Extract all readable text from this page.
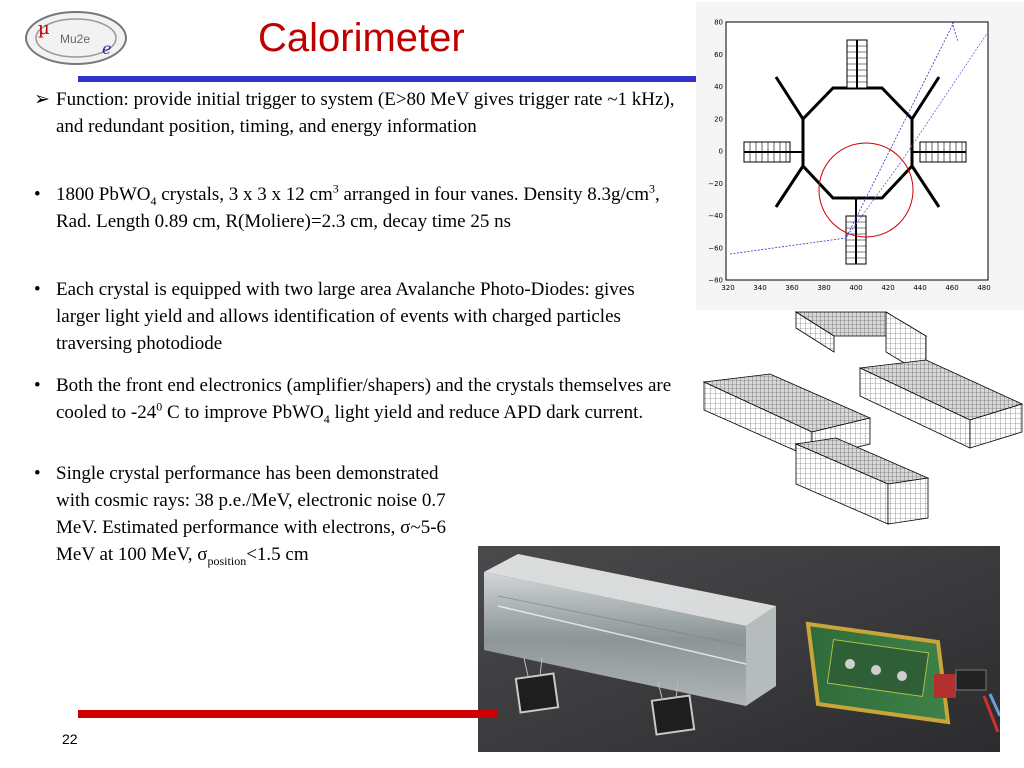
µ Mu2e e	Calorimeter
➢ Function: provide initial trigger to system (E>80 MeV gives trigger rate ~1 kHz), and redundant position, timing, and energy information
• 1800 PbWO$_4$ crystals, 3 x 3 x 12 $cm^3$ arranged in four vanes. Density $8.3g/cm^3$, Rad. Length 0.89 cm, R(Moliere)=2.3 cm, decay time 25 ns
• Each crystal is equipped with two large area Avalanche Photo-Diodes: gives larger light yield and allows identification of events with charged particles traversing photodiode
• Both the front end electronics (amplifier/shapers) and the crystals themselves are cooled to $-24^0$ C to improve PbWO$_4$ light yield and reduce APD dark current.
• Single crystal performance has been demonstrated with cosmic rays: 38 p.e./MeV, electronic noise 0.7 MeV. Estimated performance with electrons, σ~5-6 MeV at 100 MeV, $\sigma_{position}<1.5$ cm
80
60
40
20
0
−20
−40
−60
−80
320	340	360	380	400	420	440	460	480
22
